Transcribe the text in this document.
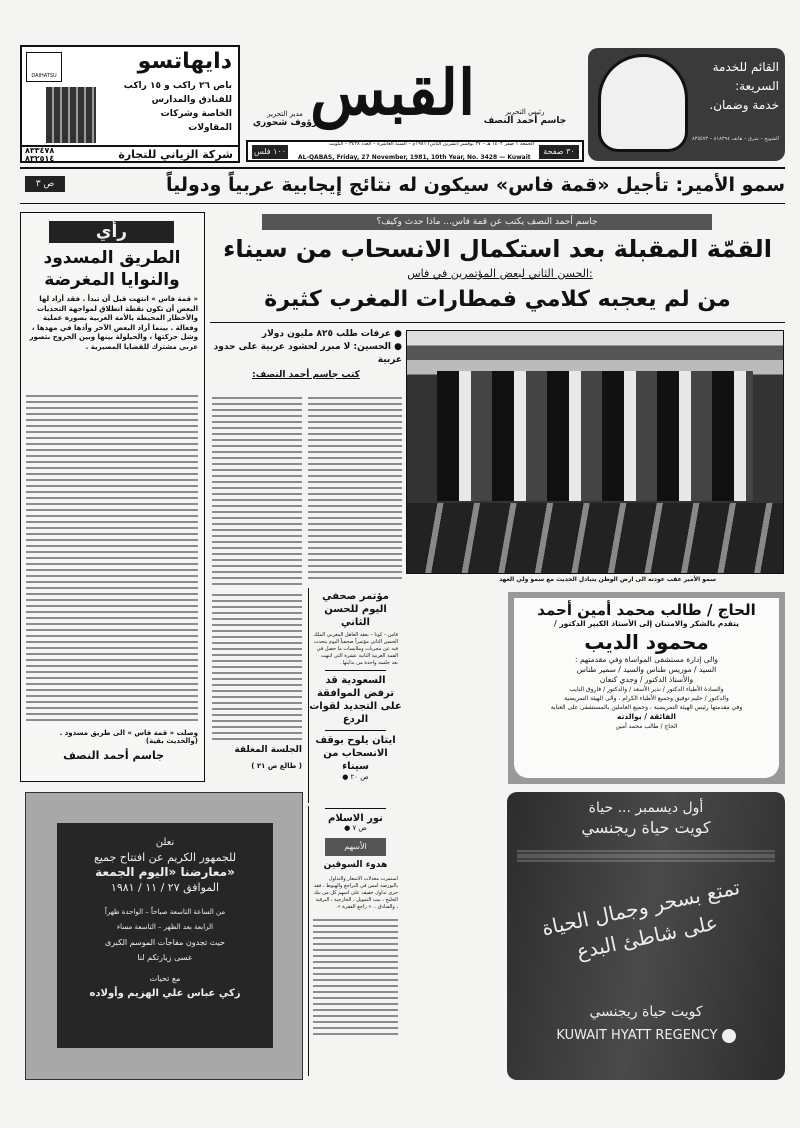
DAIHATSU
دايهاتسو
باص ٢٦ راكب و ١٥ راكب
للفنادق والمدارس
الخاصة وشركات
المقاولات
٨٣٣٤٧٨
٨٣٢٥١٤	شركة الزياني للتجارة
القبس
مدير التحرير
رؤوف شحوري
رئيس التحرير
جاسم أحمد النصف
١٠٠ فلس	٣٠ صفحة
الجمعة ١ صفر ١٤٠٢ هـ – ٢٧ نوفمبر (تشرين الثاني) ١٩٨١م – السنة العاشرة – العدد ٣٤٢٨ – الكويت
AL-QABAS, Friday, 27 November, 1981, 10th Year, No. 3428 — Kuwait
القائم للخدمة
السريعة:
خدمة وضمان.
الشويخ – شرق – هاتف ٨١٨٣٩٤ – ٨٣٥٥٧٣
سمو الأمير: تأجيل «قمة فاس» سيكون له نتائج إيجابية عربياً ودولياً
ص ٣
رأي
الطريق المسدود والنوايا المغرضة
« قمة فاس » انتهت قبل أن تبدأ . فقد أراد لها البعض أن تكون نقطة انطلاق لمواجهة التحديات والأخطار المحيطة بالأمة العربية بصورة عملية وفعالة . بينما أراد البعض الآخر وأدها في مهدها ، وشل حركتها ، والحيلولة بينها وبين الخروج بتصور عربي مشترك للقضايا المصيرية .
وصلت « قمة فاس » الى طريق مسدود . (والحديث بقية)
جاسم أحمد النصف
جاسم أحمد النصف يكتب عن قمة فاس... ماذا حدث وكيف؟
القمّة المقبلة بعد استكمال الانسحاب من سيناء
الحسن الثاني لبعض المؤتمرين في فاس:
من لم يعجبه كلامي فمطارات المغرب كثيرة
● عرفات طلب ٨٢٥ مليون دولار
● الحسين: لا مبرر لحشود عربية على حدود عربية
كتب جاسم أحمد النصف:
سمو الأمير عقب عودته الى ارض الوطن يتبادل الحديث مع سمو ولي العهد
الجلسة المغلقة
( طالع ص ٢١ )
مؤتمر صحفي اليوم للحسن الثاني
فاس – كونا – يعقد العاهل المغربي الملك الحسن الثاني مؤتمراً صحفياً اليوم يتحدث فيه عن مجريات وملابسات ما حصل في القمة العربية الثانية عشرة التي انتهت بعد جلسة واحدة من بدايتها .
السعودية قد ترفض الموافقة على التجديد لقوات الردع
ايتان يلوح بوقف الانسحاب من سيناء
● ص ٢٠
نور الاسلام
● ص ٧
الأسهم
هدوء السوقين
استمرت معدلات الاسعار والتداول بالبورصة امس في التراجع والهبوط ، فقد جرى تداول خفيف على اسهم كل من بنك الخليج ، بيت التمويل ، الخارجية ، البرقية ، والفنادق .. « راجع الفقرة ».
الحاج / طالب محمد أمين أحمد
يتقدم بالشكر والامتنان إلى الأستاذ الكبير الدكتور /
محمود الديب
والى إدارة مستشفى المواساة وفي مقدمتهم :
السيد / موريس طناس والسيد / سمير طناس
والأستاذ الدكتور / وجدي كنعان
والسادة الأطباء الدكتور / نذير الأسعد / والدكتور / فاروق النايب
والدكتور / حليم توفيق وجميع الأطباء الكرام ، والى الهيئة التمريضية
وفي مقدمتها رئيس الهيئة التمريضية ، وجميع العاملين بالمستشفى على العناية
الفائقة / بوالدته
الحاج / طالب محمد أمين
أول ديسمبر ... حياة
كويت حياة ريجنسي
تمتع بسحر وجمال الحياة على شاطئ البدع
كويت حياة ريجنسي
KUWAIT HYATT REGENCY
نعلن
للجمهور الكريم عن افتتاح جميع
معارضنا «اليوم الجمعة»
الموافق ٢٧ / ١١ / ١٩٨١
من الساعة التاسعة صباحاً – الواحدة ظهراً
الرابعة بعد الظهر – التاسعة مساء
حيث تجدون مفاجآت الموسم الكبرى
عسى زيارتكم لنا
مع تحيات
زكي عباس علي الهزيم وأولاده
